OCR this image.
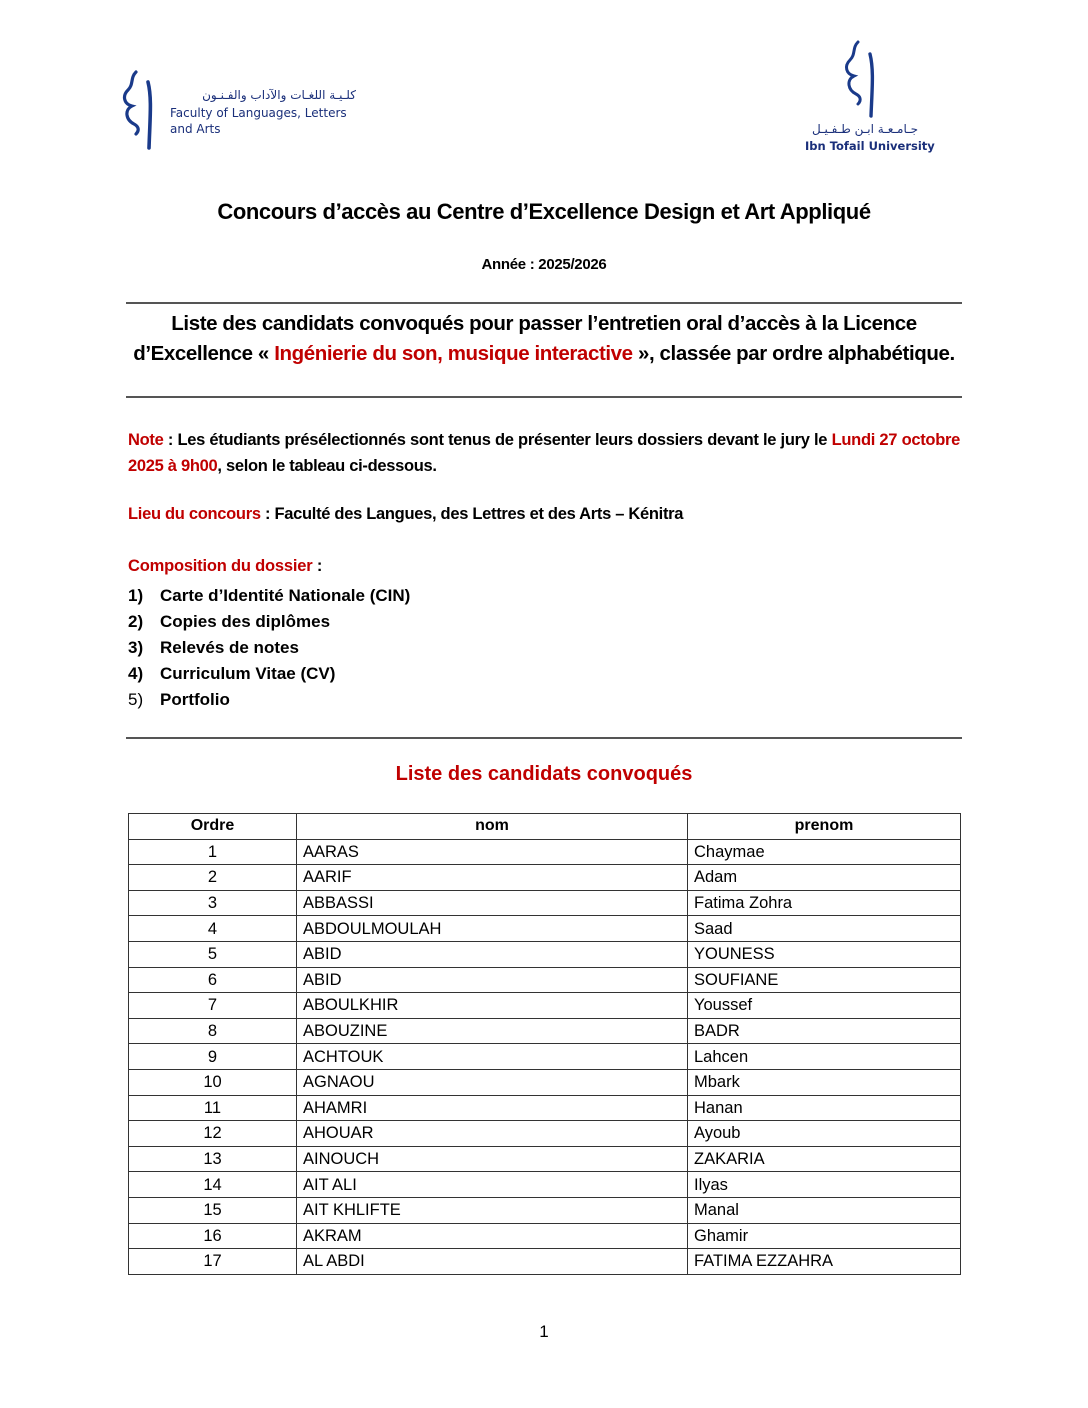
كلـيـة اللغـات والآداب والفـنـون
Faculty of Languages, Letters
and Arts	جـامـعـة ابـن طـفـيـل
Ibn Tofail University
Concours d’accès au Centre d’Excellence Design et Art Appliqué
Année : 2025/2026
Liste des candidats convoqués pour passer l’entretien oral d’accès à la Licence d’Excellence « Ingénierie du son, musique interactive », classée par ordre alphabétique.
Note : Les étudiants présélectionnés sont tenus de présenter leurs dossiers devant le jury le Lundi 27 octobre 2025 à 9h00, selon le tableau ci-dessous.
Lieu du concours : Faculté des Langues, des Lettres et des Arts – Kénitra
Composition du dossier :
1) Carte d’Identité Nationale (CIN)
2) Copies des diplômes
3) Relevés de notes
4) Curriculum Vitae (CV)
5) Portfolio
Liste des candidats convoqués
Ordre	nom	prenom
1	AARAS	Chaymae
2	AARIF	Adam
3	ABBASSI	Fatima Zohra
4	ABDOULMOULAH	Saad
5	ABID	YOUNESS
6	ABID	SOUFIANE
7	ABOULKHIR	Youssef
8	ABOUZINE	BADR
9	ACHTOUK	Lahcen
10	AGNAOU	Mbark
11	AHAMRI	Hanan
12	AHOUAR	Ayoub
13	AINOUCH	ZAKARIA
14	AIT ALI	Ilyas
15	AIT KHLIFTE	Manal
16	AKRAM	Ghamir
17	AL ABDI	FATIMA EZZAHRA
1
